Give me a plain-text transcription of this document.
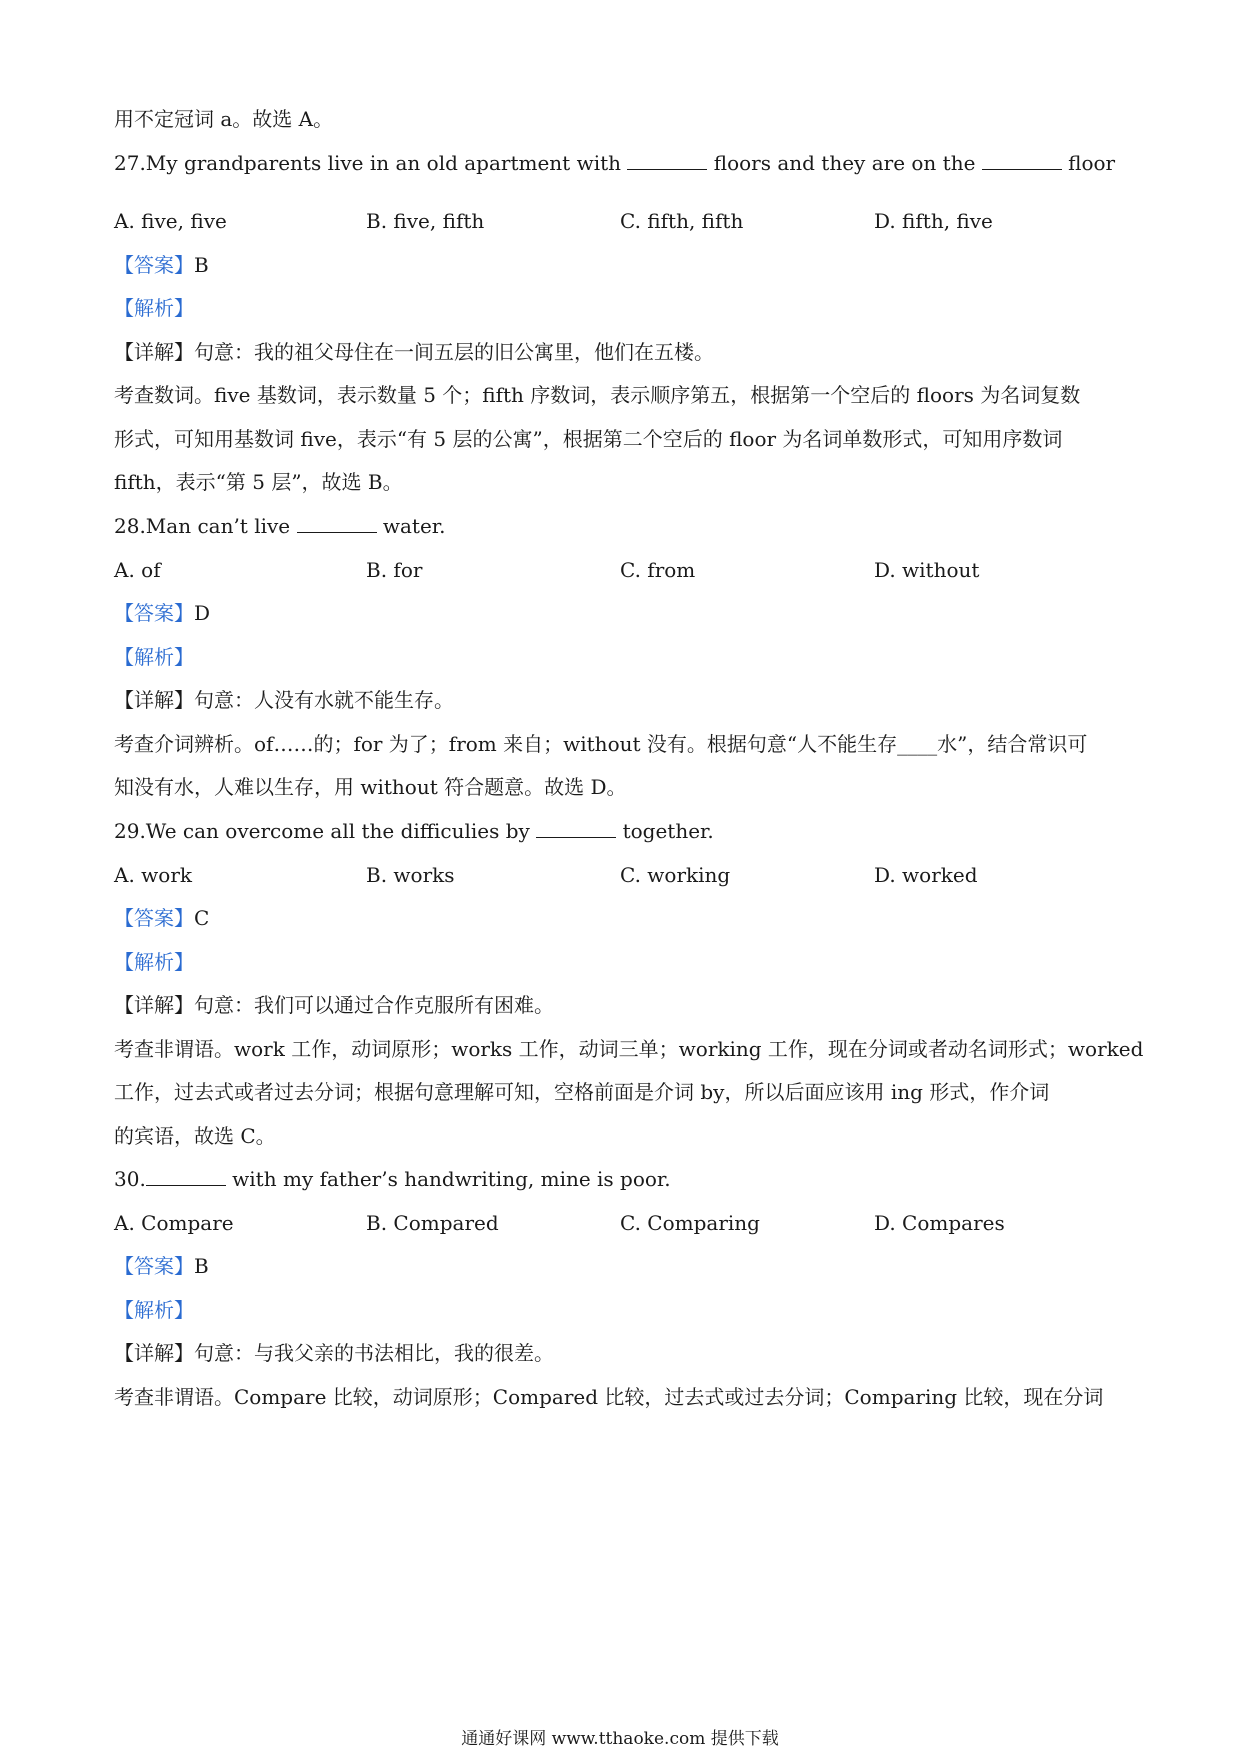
用不定冠词 a。故选 A。
27.My grandparents live in an old apartment with	floors and they are on the	floor
A. five, five	B. five, fifth	C. fifth, fifth	D. fifth, five
【答案】B
【解析】
【详解】句意：我的祖父母住在一间五层的旧公寓里，他们在五楼。
考查数词。five 基数词，表示数量 5 个；fifth 序数词，表示顺序第五，根据第一个空后的 floors 为名词复数
形式，可知用基数词 five，表示“有 5 层的公寓”，根据第二个空后的 floor 为名词单数形式，可知用序数词
fifth，表示“第 5 层”，故选 B。
28.Man can’t live	water.
A. of	B. for	C. from	D. without
【答案】D
【解析】
【详解】句意：人没有水就不能生存。
考查介词辨析。of……的；for 为了；from 来自；without 没有。根据句意“人不能生存____水”，结合常识可
知没有水，人难以生存，用 without 符合题意。故选 D。
29.We can overcome all the difficulies by	together.
A. work	B. works	C. working	D. worked
【答案】C
【解析】
【详解】句意：我们可以通过合作克服所有困难。
考查非谓语。work 工作，动词原形；works 工作，动词三单；working 工作，现在分词或者动名词形式；worked
工作，过去式或者过去分词；根据句意理解可知，空格前面是介词 by，所以后面应该用 ing 形式，作介词
的宾语，故选 C。
30.	with my father’s handwriting, mine is poor.
A. Compare	B. Compared	C. Comparing	D. Compares
【答案】B
【解析】
【详解】句意：与我父亲的书法相比，我的很差。
考查非谓语。Compare 比较，动词原形；Compared 比较，过去式或过去分词；Comparing 比较，现在分词
通通好课网 www.tthaoke.com 提供下载
